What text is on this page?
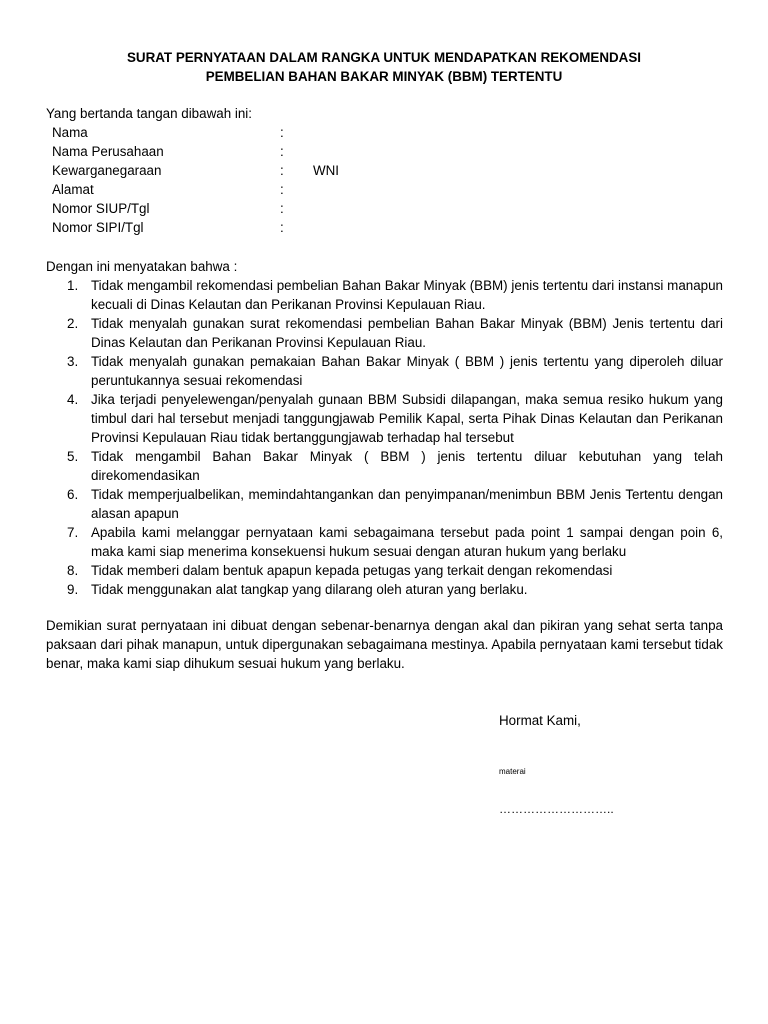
SURAT PERNYATAAN DALAM RANGKA UNTUK MENDAPATKAN REKOMENDASI
PEMBELIAN BAHAN BAKAR MINYAK (BBM) TERTENTU
Yang bertanda tangan dibawah ini:
Nama	:
Nama Perusahaan	:
Kewarganegaraan	: WNI
Alamat	:
Nomor SIUP/Tgl	:
Nomor SIPI/Tgl	:
Dengan ini menyatakan bahwa :
1. Tidak mengambil rekomendasi pembelian Bahan Bakar Minyak (BBM) jenis tertentu dari instansi manapun kecuali di Dinas Kelautan dan Perikanan Provinsi Kepulauan Riau.
2. Tidak menyalah gunakan surat rekomendasi pembelian Bahan Bakar Minyak (BBM) Jenis tertentu dari Dinas Kelautan dan Perikanan Provinsi Kepulauan Riau.
3. Tidak menyalah gunakan pemakaian Bahan Bakar Minyak ( BBM ) jenis tertentu yang diperoleh diluar peruntukannya sesuai rekomendasi
4. Jika terjadi penyelewengan/penyalah gunaan BBM Subsidi dilapangan, maka semua resiko hukum yang timbul dari hal tersebut menjadi tanggungjawab Pemilik Kapal, serta Pihak Dinas Kelautan dan Perikanan Provinsi Kepulauan Riau tidak bertanggungjawab terhadap hal tersebut
5. Tidak mengambil Bahan Bakar Minyak ( BBM ) jenis tertentu diluar kebutuhan yang telah direkomendasikan
6. Tidak memperjualbelikan, memindahtangankan dan penyimpanan/menimbun BBM Jenis Tertentu dengan alasan apapun
7. Apabila kami melanggar pernyataan kami sebagaimana tersebut pada point 1 sampai dengan poin 6, maka kami siap menerima konsekuensi hukum sesuai dengan aturan hukum yang berlaku
8. Tidak memberi dalam bentuk apapun kepada petugas yang terkait dengan rekomendasi
9. Tidak menggunakan alat tangkap yang dilarang oleh aturan yang berlaku.
Demikian surat pernyataan ini dibuat dengan sebenar-benarnya dengan akal dan pikiran yang sehat serta tanpa paksaan dari pihak manapun, untuk dipergunakan sebagaimana mestinya. Apabila pernyataan kami tersebut tidak benar, maka kami siap dihukum sesuai hukum yang berlaku.
Hormat Kami,
materai
………………………..
